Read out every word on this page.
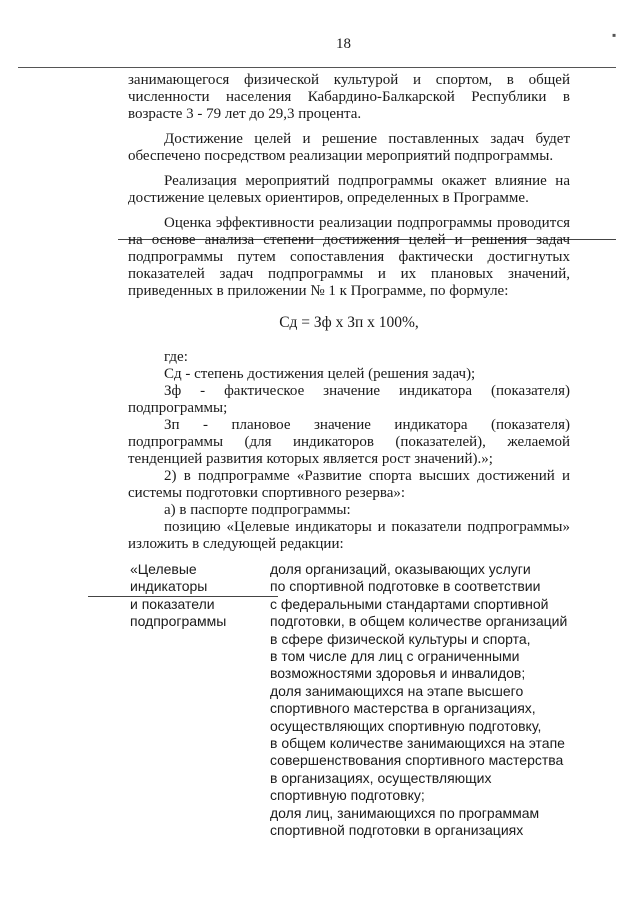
18
▪

занимающегося физической культурой и спортом, в общей численности населения Кабардино-Балкарской Республики в возрасте 3 - 79 лет до 29,3 процента.

Достижение целей и решение поставленных задач будет обеспечено посредством реализации мероприятий подпрограммы.

Реализация мероприятий подпрограммы окажет влияние на достижение целевых ориентиров, определенных в Программе.

Оценка эффективности реализации подпрограммы проводится на основе анализа степени достижения целей и решения задач подпрограммы путем сопоставления фактически достигнутых показателей задач подпрограммы и их плановых значений, приведенных в приложении № 1 к Программе, по формуле:

Сд = Зф х Зп х 100%,

где:

Сд - степень достижения целей (решения задач);

Зф - фактическое значение индикатора (показателя) подпрограммы;

Зп - плановое значение индикатора (показателя) подпрограммы (для индикаторов (показателей), желаемой тенденцией развития которых является рост значений).»;

2) в подпрограмме «Развитие спорта высших достижений и системы подготовки спортивного резерва»:

а) в паспорте подпрограммы:

позицию «Целевые индикаторы и показатели подпрограммы» изложить в следующей редакции:

«Целевые
индикаторы
и показатели
подпрограммы
доля организаций, оказывающих услуги
по спортивной подготовке в соответствии
с федеральными стандартами спортивной
подготовки, в общем количестве организаций
в сфере физической культуры и спорта,
в том числе для лиц с ограниченными
возможностями здоровья и инвалидов;
доля занимающихся на этапе высшего
спортивного мастерства в организациях,
осуществляющих спортивную подготовку,
в общем количестве занимающихся на этапе
совершенствования спортивного мастерства
в организациях, осуществляющих
спортивную подготовку;
доля лиц, занимающихся по программам
спортивной подготовки в организациях
